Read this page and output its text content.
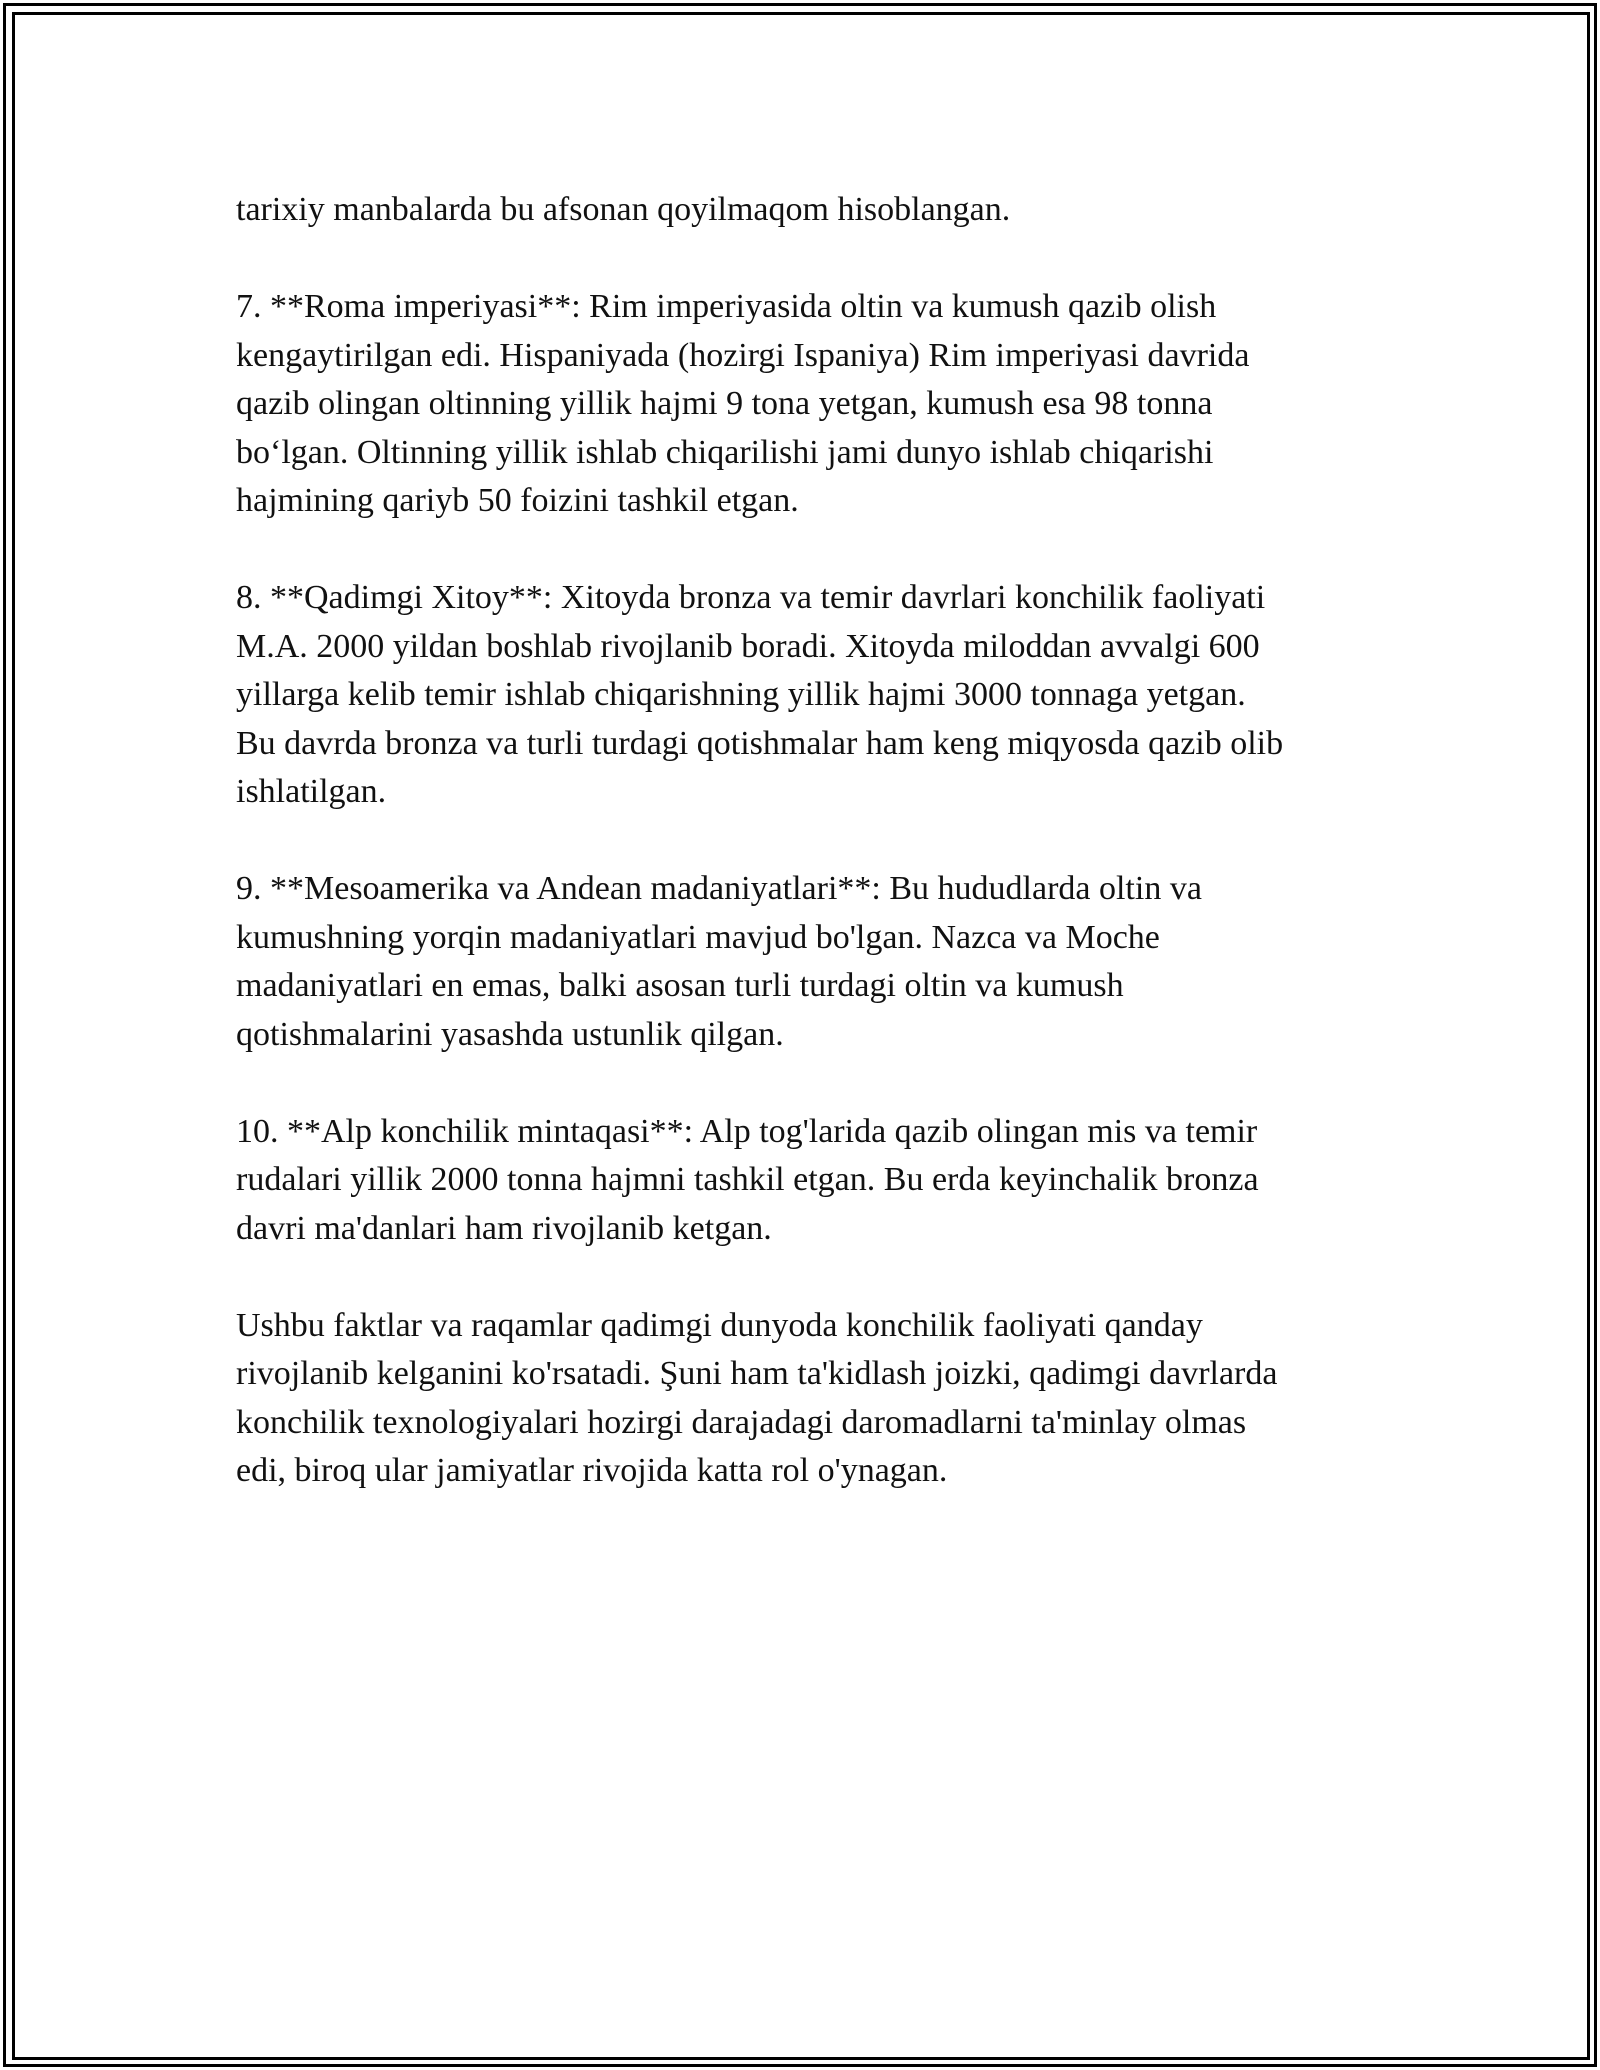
tarixiy manbalarda bu afsonan qoyilmaqom hisoblangan.

7. **Roma imperiyasi**: Rim imperiyasida oltin va kumush qazib olish
kengaytirilgan edi. Hispaniyada (hozirgi Ispaniya) Rim imperiyasi davrida
qazib olingan oltinning yillik hajmi 9 tona yetgan, kumush esa 98 tonna
bo‘lgan. Oltinning yillik ishlab chiqarilishi jami dunyo ishlab chiqarishi
hajmining qariyb 50 foizini tashkil etgan.

8. **Qadimgi Xitoy**: Xitoyda bronza va temir davrlari konchilik faoliyati
M.A. 2000 yildan boshlab rivojlanib boradi. Xitoyda miloddan avvalgi 600
yillarga kelib temir ishlab chiqarishning yillik hajmi 3000 tonnaga yetgan.
Bu davrda bronza va turli turdagi qotishmalar ham keng miqyosda qazib olib
ishlatilgan.

9. **Mesoamerika va Andean madaniyatlari**: Bu hududlarda oltin va
kumushning yorqin madaniyatlari mavjud bo'lgan. Nazca va Moche
madaniyatlari en emas, balki asosan turli turdagi oltin va kumush
qotishmalarini yasashda ustunlik qilgan.

10. **Alp konchilik mintaqasi**: Alp tog'larida qazib olingan mis va temir
rudalari yillik 2000 tonna hajmni tashkil etgan. Bu erda keyinchalik bronza
davri ma'danlari ham rivojlanib ketgan.

Ushbu faktlar va raqamlar qadimgi dunyoda konchilik faoliyati qanday
rivojlanib kelganini ko'rsatadi. Şuni ham ta'kidlash joizki, qadimgi davrlarda
konchilik texnologiyalari hozirgi darajadagi daromadlarni ta'minlay olmas
edi, biroq ular jamiyatlar rivojida katta rol o'ynagan.
